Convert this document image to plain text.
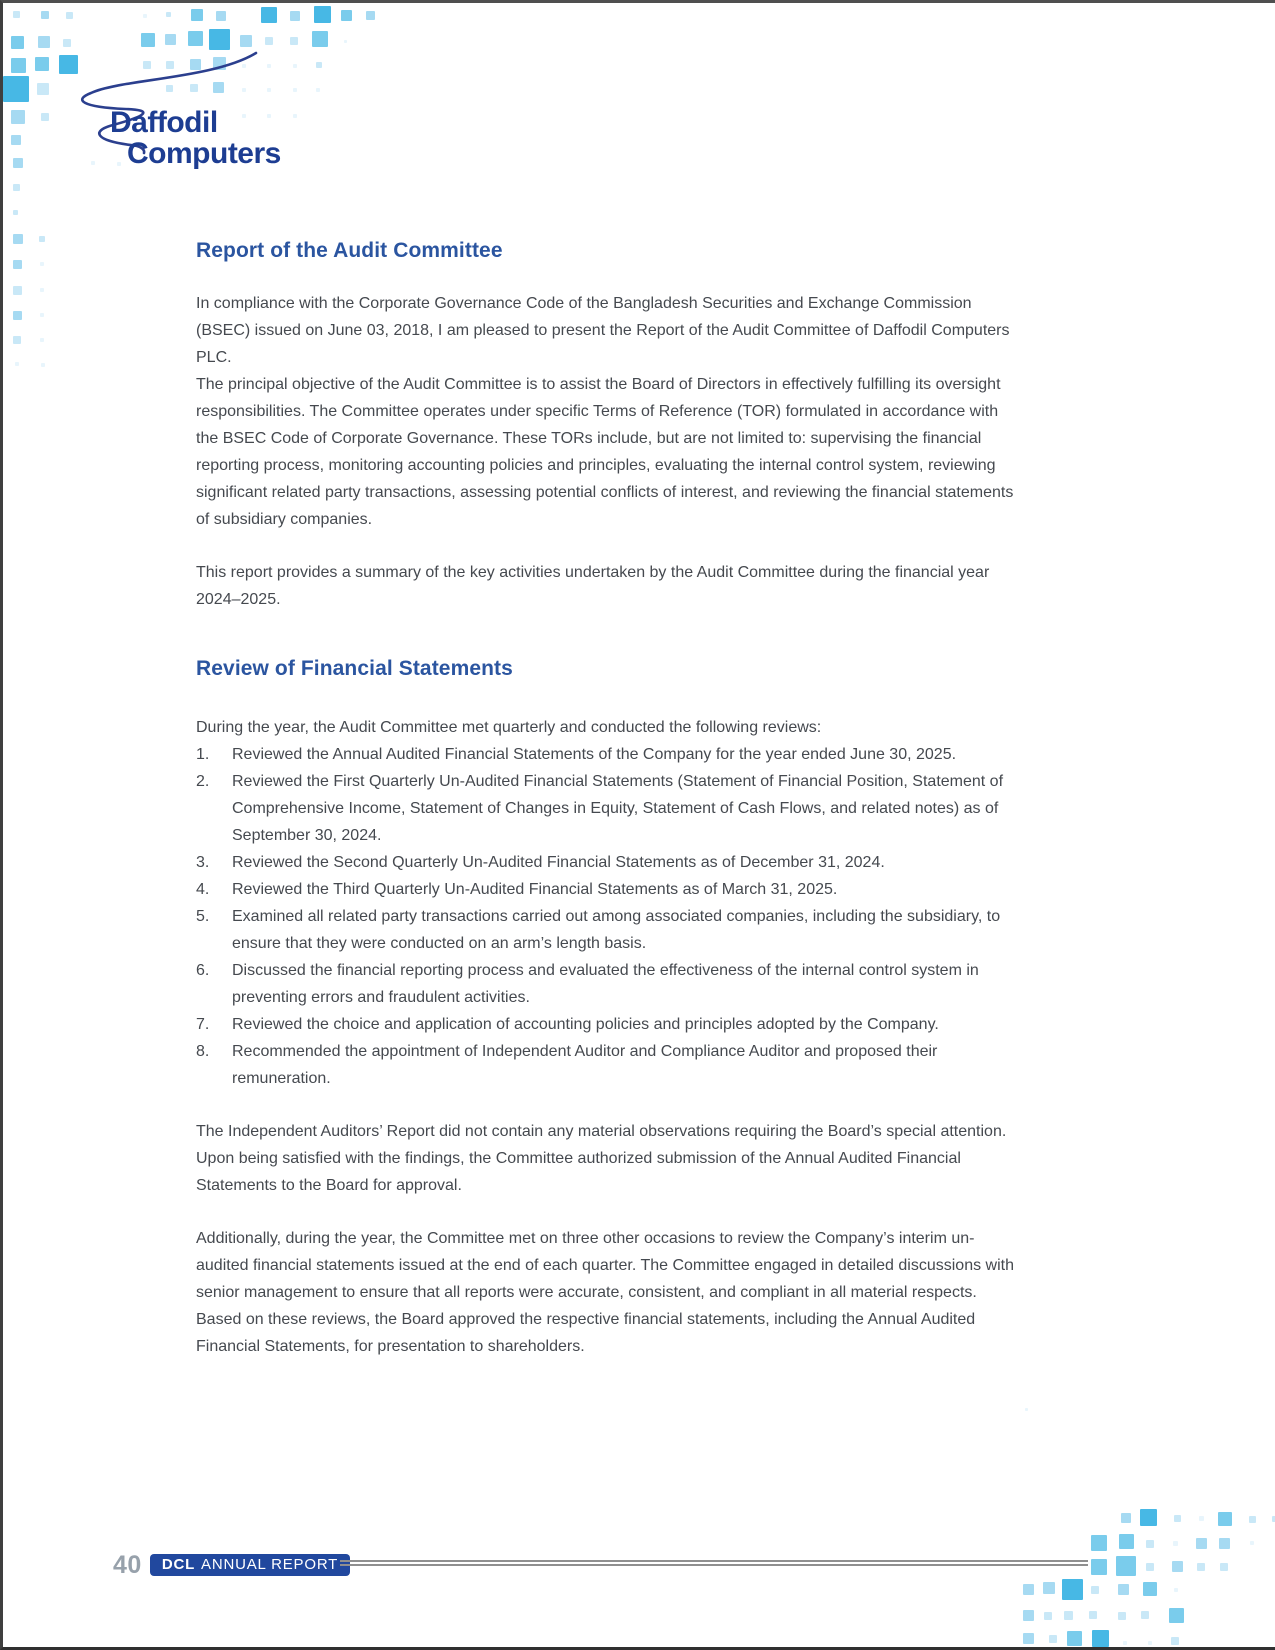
Daffodil
Computers
Report of the Audit Committee

In compliance with the Corporate Governance Code of the Bangladesh Securities and Exchange Commission (BSEC) issued on June 03, 2018, I am pleased to present the Report of the Audit Committee of Daffodil Computers PLC.

The principal objective of the Audit Committee is to assist the Board of Directors in effectively fulfilling its oversight responsibilities. The Committee operates under specific Terms of Reference (TOR) formulated in accordance with the BSEC Code of Corporate Governance. These TORs include, but are not limited to: supervising the financial reporting process, monitoring accounting policies and principles, evaluating the internal control system, reviewing significant related party transactions, assessing potential conflicts of interest, and reviewing the financial statements of subsidiary companies.

This report provides a summary of the key activities undertaken by the Audit Committee during the financial year 2024–2025.

Review of Financial Statements

During the year, the Audit Committee met quarterly and conducted the following reviews:

1.	Reviewed the Annual Audited Financial Statements of the Company for the year ended June 30, 2025.
2.	Reviewed the First Quarterly Un-Audited Financial Statements (Statement of Financial Position, Statement of Comprehensive Income, Statement of Changes in Equity, Statement of Cash Flows, and related notes) as of September 30, 2024.
3.	Reviewed the Second Quarterly Un-Audited Financial Statements as of December 31, 2024.
4.	Reviewed the Third Quarterly Un-Audited Financial Statements as of March 31, 2025.
5.	Examined all related party transactions carried out among associated companies, including the subsidiary, to ensure that they were conducted on an arm’s length basis.
6.	Discussed the financial reporting process and evaluated the effectiveness of the internal control system in preventing errors and fraudulent activities.
7.	Reviewed the choice and application of accounting policies and principles adopted by the Company.
8.	Recommended the appointment of Independent Auditor and Compliance Auditor and proposed their remuneration.

The Independent Auditors’ Report did not contain any material observations requiring the Board’s special attention. Upon being satisfied with the findings, the Committee authorized submission of the Annual Audited Financial Statements to the Board for approval.

Additionally, during the year, the Committee met on three other occasions to review the Company’s interim un-audited financial statements issued at the end of each quarter. The Committee engaged in detailed discussions with senior management to ensure that all reports were accurate, consistent, and compliant in all material respects. Based on these reviews, the Board approved the respective financial statements, including the Annual Audited Financial Statements, for presentation to shareholders.

40	DCL ANNUAL REPORT
